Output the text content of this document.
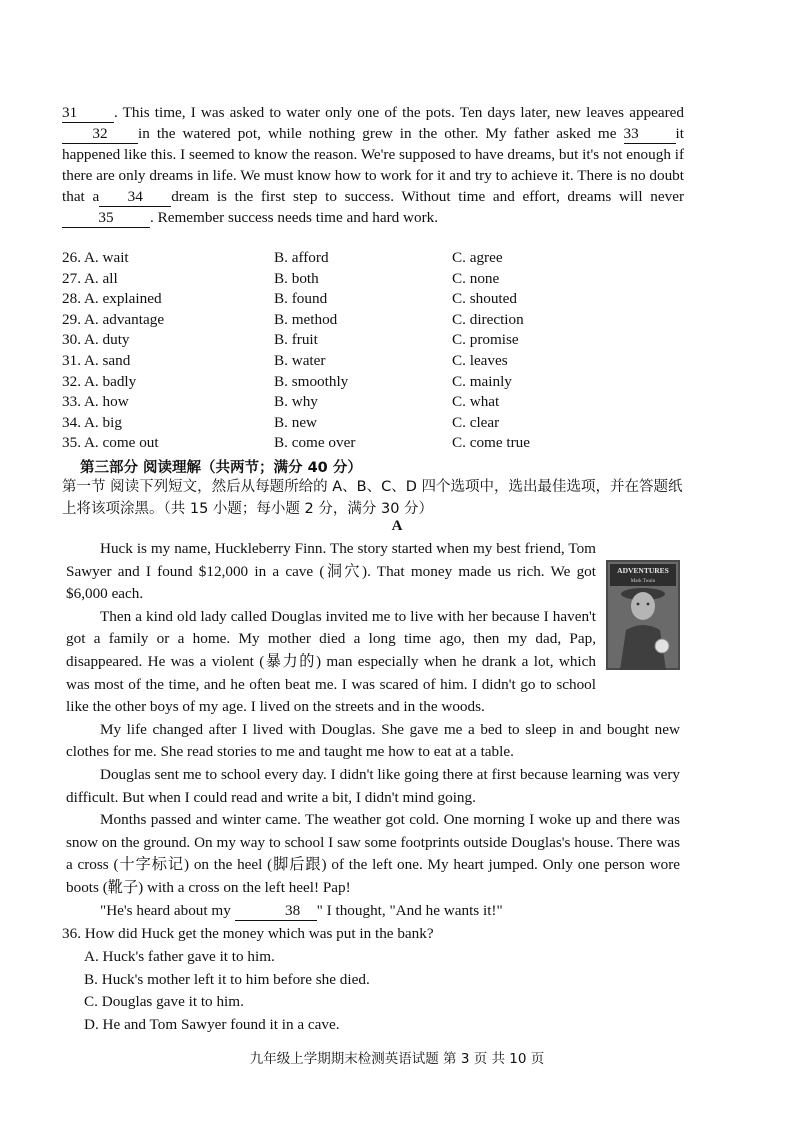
31 . This time, I was asked to water only one of the pots. Ten days later, new leaves appeared32 in the watered pot, while nothing grew in the other. My father asked me 33 it happened like this. I seemed to know the reason. We're supposed to have dreams, but it's not enough if there are only dreams in life. We must know how to work for it and try to achieve it. There is no doubt that a 34 dream is the first step to success. Without time and effort, dreams will never 35 . Remember success needs time and hard work.

26. A. wait	B. afford	C. agree
27. A. all	B. both	C. none
28. A. explained	B. found	C. shouted
29. A. advantage	B. method	C. direction
30. A. duty	B. fruit	C. promise
31. A. sand	B. water	C. leaves
32. A. badly	B. smoothly	C. mainly
33. A. how	B. why	C. what
34. A. big	B. new	C. clear
35. A. come out	B. come over	C. come true
第三部分 阅读理解（共两节；满分 40 分）

第一节 阅读下列短文，然后从每题所给的 A、B、C、D 四个选项中，选出最佳选项，并在答题纸上将该项涂黑。（共 15 小题；每小题 2 分，满分 30 分）

A
ADVENTURES
Mark Twain

Huck is my name, Huckleberry Finn. The story started when my best friend, Tom Sawyer and I found $12,000 in a cave (洞穴). That money made us rich. We got $6,000 each.

Then a kind old lady called Douglas invited me to live with her because I haven't got a family or a home. My mother died a long time ago, then my dad, Pap, disappeared. He was a violent (暴力的) man especially when he drank a lot, which was most of the time, and he often beat me. I was scared of him. I didn't go to school like the other boys of my age. I lived on the streets and in the woods.

My life changed after I lived with Douglas. She gave me a bed to sleep in and bought new clothes for me. She read stories to me and taught me how to eat at a table.

Douglas sent me to school every day. I didn't like going there at first because learning was very difficult. But when I could read and write a bit, I didn't mind going.

Months passed and winter came. The weather got cold. One morning I woke up and there was snow on the ground. On my way to school I saw some footprints outside Douglas's house. There was a cross (十字标记) on the heel (脚后跟) of the left one. My heart jumped. Only one person wore boots (靴子) with a cross on the left heel! Pap!

"He's heard about my	38 " I thought, "And he wants it!"

36. How did Huck get the money which was put in the bank?

A. Huck's father gave it to him.

B. Huck's mother left it to him before she died.

C. Douglas gave it to him.

D. He and Tom Sawyer found it in a cave.

九年级上学期期末检测英语试题 第 3 页 共 10 页
